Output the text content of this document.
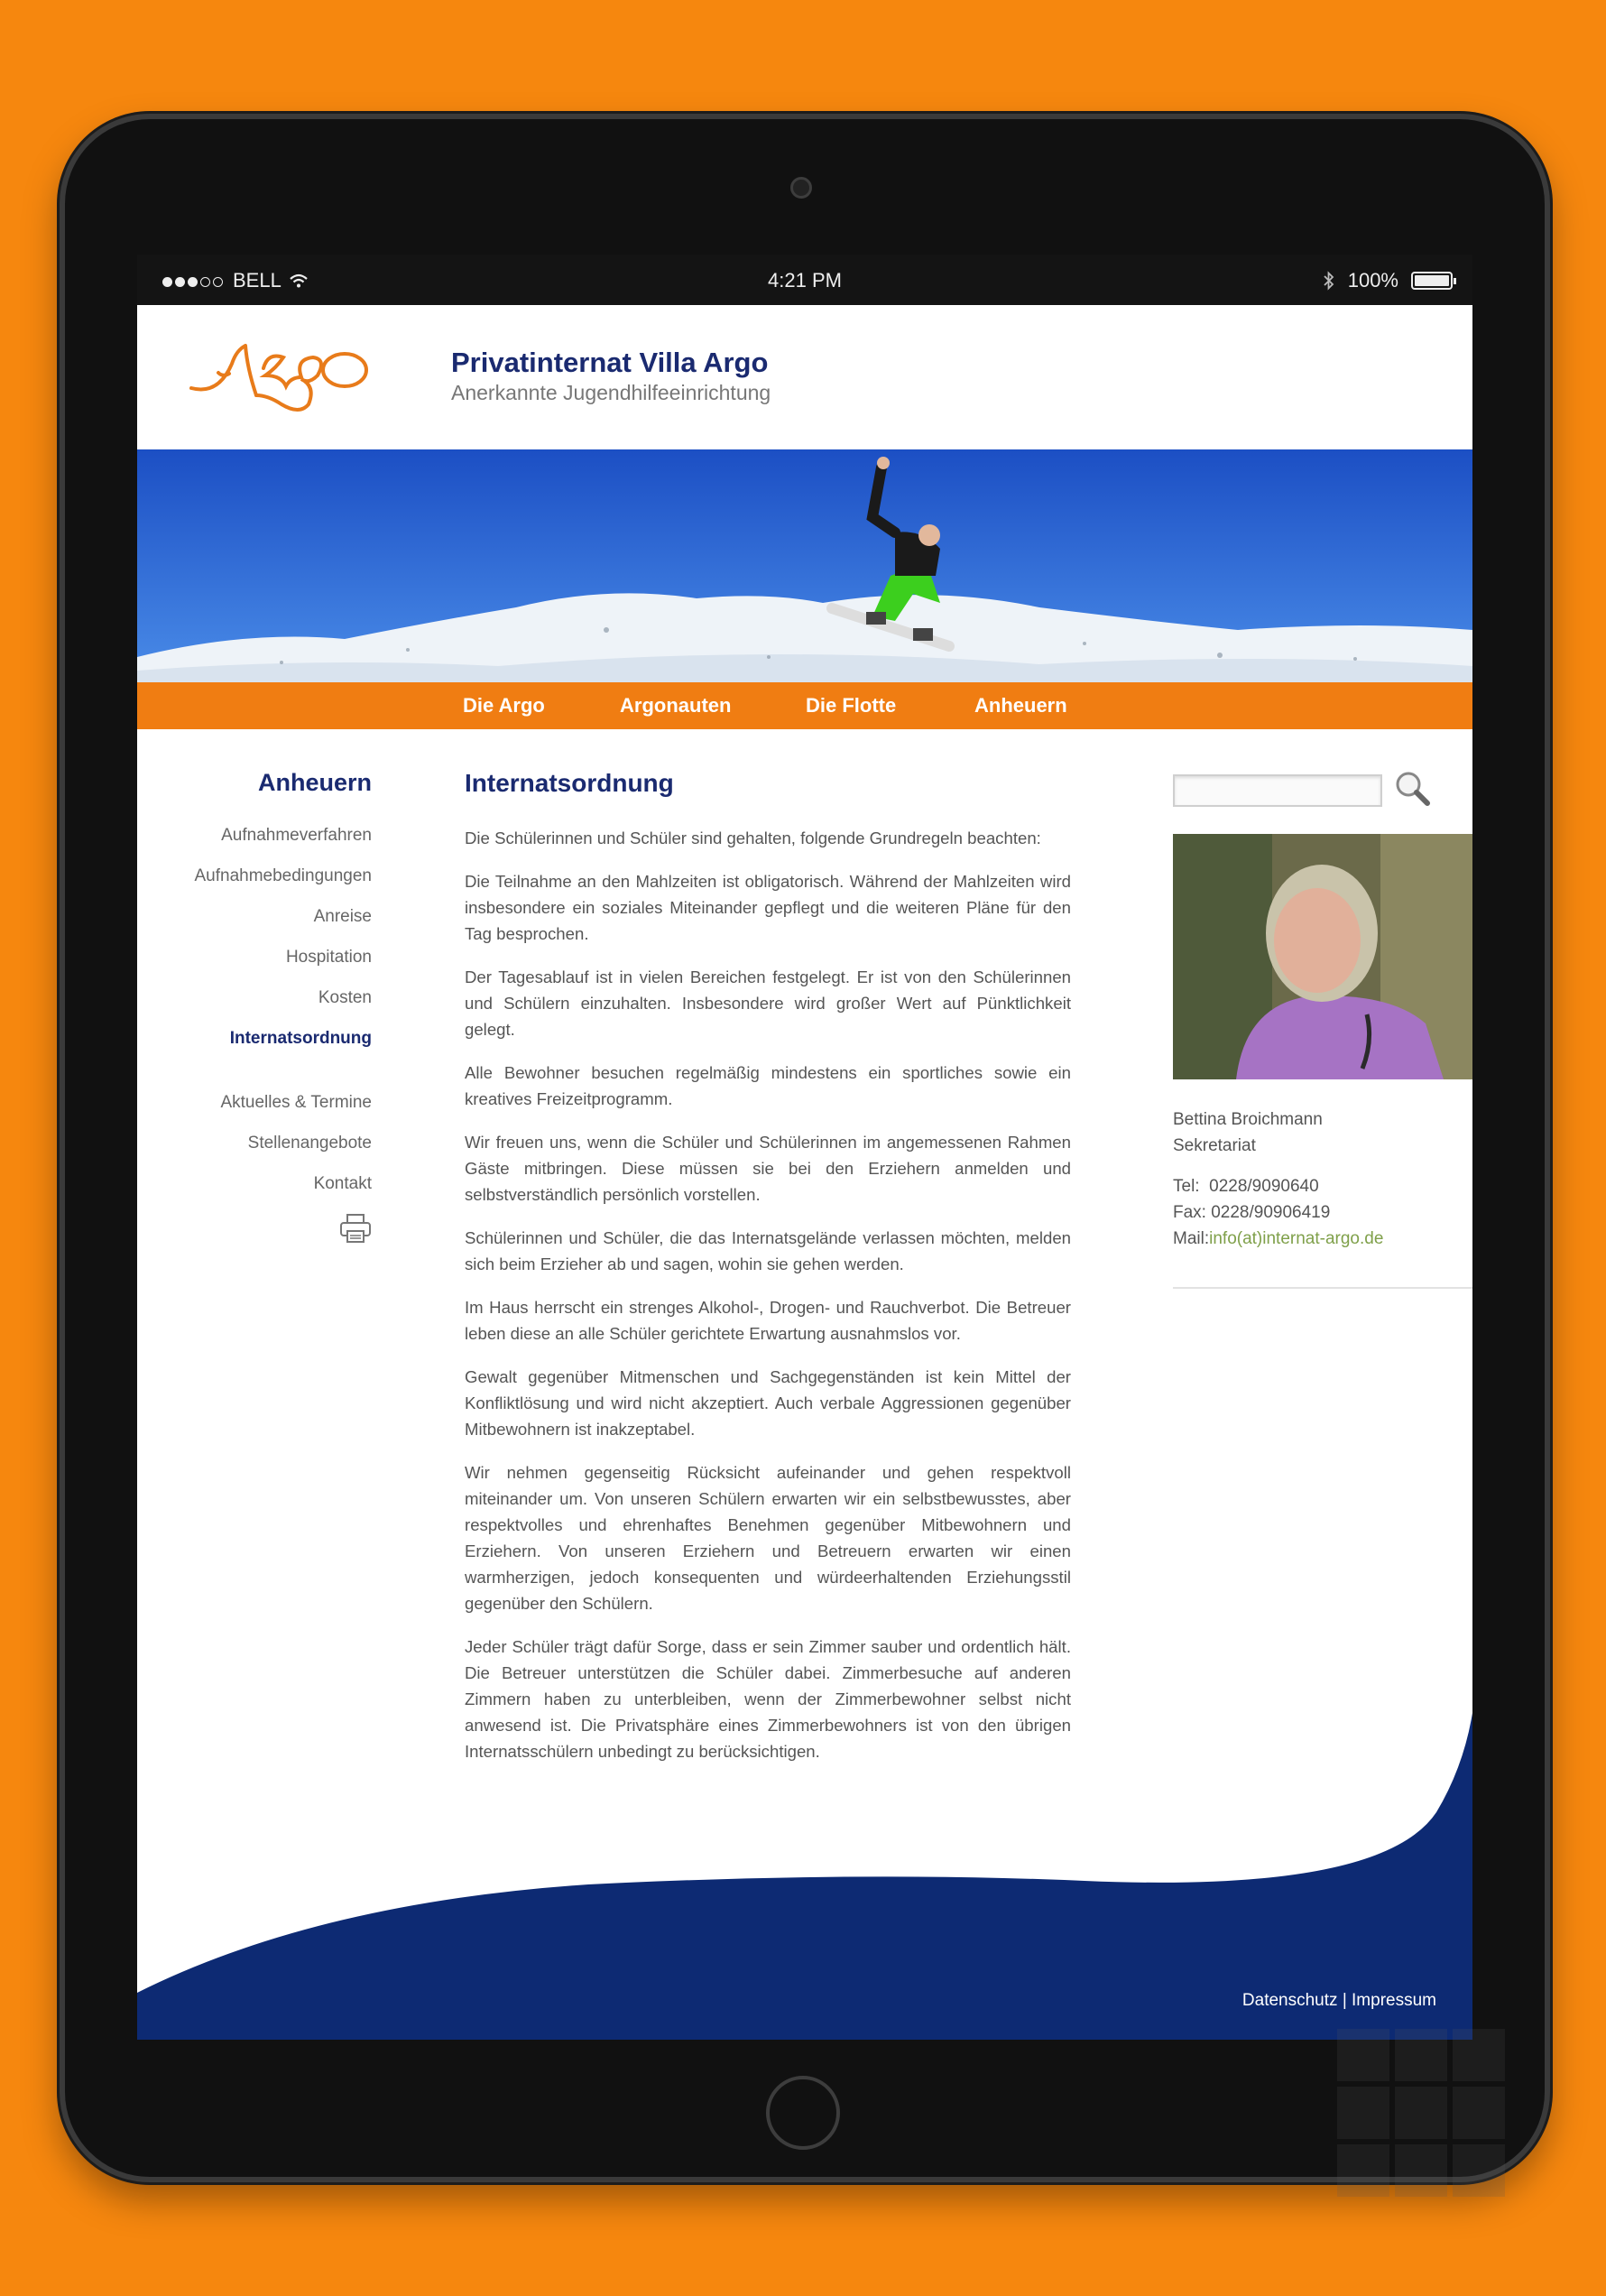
BELL	4:21 PM	100%
Privatinternat Villa Argo
Anerkannte Jugendhilfeeinrichtung
Die Argo	Argonauten	Die Flotte	Anheuern
Anheuern
Aufnahmeverfahren
Aufnahmebedingungen
Anreise
Hospitation
Kosten
Internatsordnung
Aktuelles & Termine
Stellenangebote
Kontakt
Internatsordnung

Die Schülerinnen und Schüler sind gehalten, folgende Grundregeln beachten:

Die Teilnahme an den Mahlzeiten ist obligatorisch. Während der Mahlzeiten wird insbesondere ein soziales Miteinander gepflegt und die weiteren Pläne für den Tag besprochen.

Der Tagesablauf ist in vielen Bereichen festgelegt. Er ist von den Schülerinnen und Schülern einzuhalten. Insbesondere wird großer Wert auf Pünktlichkeit gelegt.

Alle Bewohner besuchen regelmäßig mindestens ein sportliches sowie ein kreatives Freizeitprogramm.

Wir freuen uns, wenn die Schüler und Schülerinnen im angemessenen Rahmen Gäste mitbringen. Diese müssen sie bei den Erziehern anmelden und selbstverständlich persönlich vorstellen.

Schülerinnen und Schüler, die das Internatsgelände verlassen möchten, melden sich beim Erzieher ab und sagen, wohin sie gehen werden.

Im Haus herrscht ein strenges Alkohol-, Drogen- und Rauchverbot. Die Betreuer leben diese an alle Schüler gerichtete Erwartung ausnahmslos vor.

Gewalt gegenüber Mitmenschen und Sachgegenständen ist kein Mittel der Konfliktlösung und wird nicht akzeptiert. Auch verbale Aggressionen gegenüber Mitbewohnern ist inakzeptabel.

Wir nehmen gegenseitig Rücksicht aufeinander und gehen respektvoll miteinander um. Von unseren Schülern erwarten wir ein selbstbewusstes, aber respektvolles und ehrenhaftes Benehmen gegenüber Mitbewohnern und Erziehern. Von unseren Erziehern und Betreuern erwarten wir einen warmherzigen, jedoch konsequenten und würdeerhaltenden Erziehungsstil gegenüber den Schülern.

Jeder Schüler trägt dafür Sorge, dass er sein Zimmer sauber und ordentlich hält. Die Betreuer unterstützen die Schüler dabei. Zimmerbesuche auf anderen Zimmern haben zu unterbleiben, wenn der Zimmerbewohner selbst nicht anwesend ist. Die Privatsphäre eines Zimmerbewohners ist von den übrigen Internatsschülern unbedingt zu berücksichtigen.

Bettina Broichmann
Sekretariat
Tel: 0228/9090640
Fax: 0228/90906419
Mail:info(at)internat-argo.de
Datenschutz | Impressum
